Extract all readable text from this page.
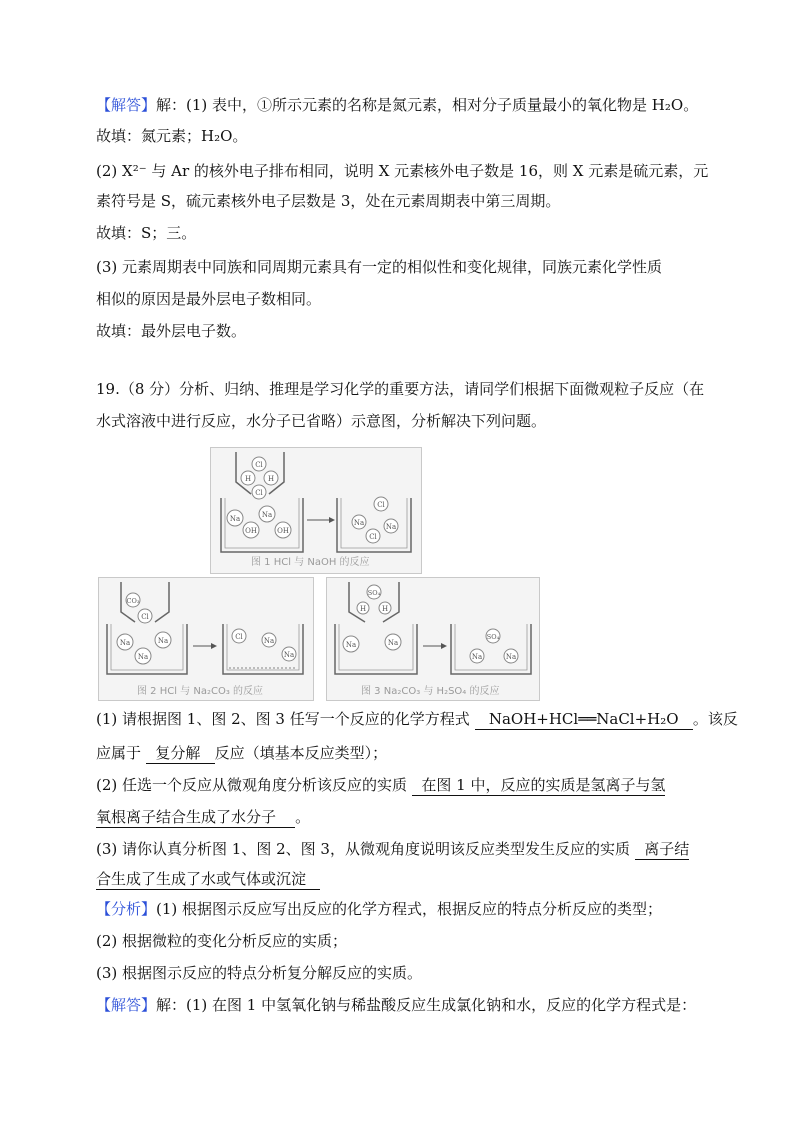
【解答】解：(1) 表中，①所示元素的名称是氮元素，相对分子质量最小的氧化物是 H₂O。
故填：氮元素；H₂O。
(2) X²⁻ 与 Ar 的核外电子排布相同，说明 X 元素核外电子数是 16，则 X 元素是硫元素，元
素符号是 S，硫元素核外电子层数是 3，处在元素周期表中第三周期。
故填：S；三。
(3) 元素周期表中同族和同周期元素具有一定的相似性和变化规律，同族元素化学性质
相似的原因是最外层电子数相同。
故填：最外层电子数。
19.（8 分）分析、归纳、推理是学习化学的重要方法，请同学们根据下面微观粒子反应（在
水式溶液中进行反应，水分子已省略）示意图，分析解决下列问题。
Cl
H H
Cl
Na	Na
OH	OH
Cl
Na	Na
Cl
图 1 HCl 与 NaOH 的反应
CO₃
Cl
Na	Na
Na
Cl	Na
Na
图 2 HCl 与 Na₂CO₃ 的反应
SO₄
H H
Na	Na
SO₄
Na	Na
图 3 Na₂CO₃ 与 H₂SO₄ 的反应
(1) 请根据图 1、图 2、图 3 任写一个反应的化学方程式 NaOH+HCl══NaCl+H₂O 。该反
应属于 复分解 反应（填基本反应类型）；
(2) 任选一个反应从微观角度分析该反应的实质 在图 1 中，反应的实质是氢离子与氢
氧根离子结合生成了水分子 。
(3) 请你认真分析图 1、图 2、图 3，从微观角度说明该反应类型发生反应的实质 离子结
合生成了生成了水或气体或沉淀
【分析】(1) 根据图示反应写出反应的化学方程式，根据反应的特点分析反应的类型；
(2) 根据微粒的变化分析反应的实质；
(3) 根据图示反应的特点分析复分解反应的实质。
【解答】解：(1) 在图 1 中氢氧化钠与稀盐酸反应生成氯化钠和水，反应的化学方程式是：
